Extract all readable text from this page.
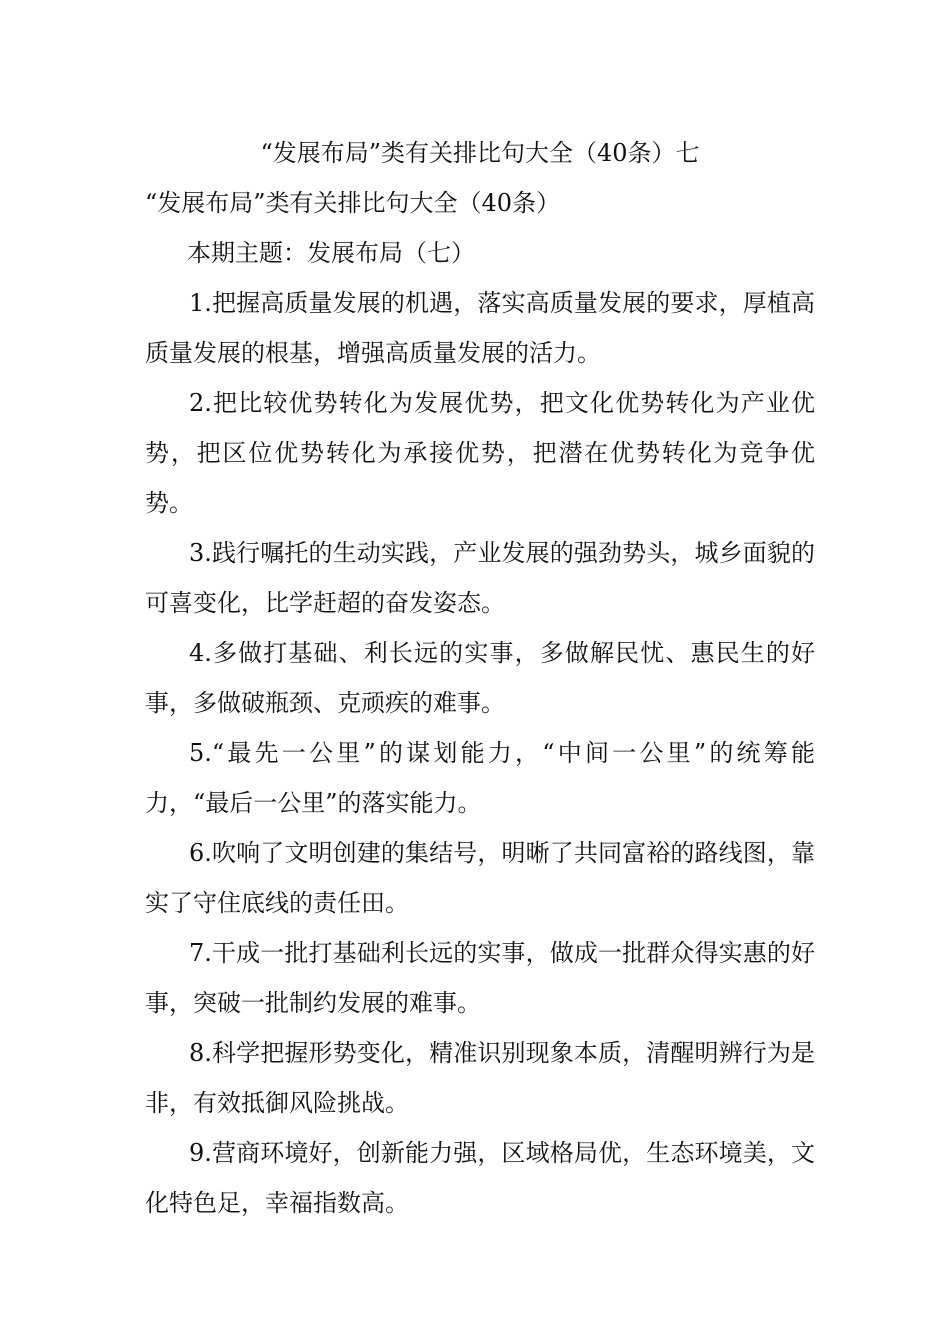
“发展布局”类有关排比句大全（40条）七
“发展布局”类有关排比句大全（40条）
本期主题：发展布局（七）
1.把握高质量发展的机遇，落实高质量发展的要求，厚植高质量发展的根基，增强高质量发展的活力。
2.把比较优势转化为发展优势，把文化优势转化为产业优势，把区位优势转化为承接优势，把潜在优势转化为竞争优势。
3.践行嘱托的生动实践，产业发展的强劲势头，城乡面貌的可喜变化，比学赶超的奋发姿态。
4.多做打基础、利长远的实事，多做解民忧、惠民生的好事，多做破瓶颈、克顽疾的难事。
5.“最先一公里”的谋划能力，“中间一公里”的统筹能力，“最后一公里”的落实能力。
6.吹响了文明创建的集结号，明晰了共同富裕的路线图，靠实了守住底线的责任田。
7.干成一批打基础利长远的实事，做成一批群众得实惠的好事，突破一批制约发展的难事。
8.科学把握形势变化，精准识别现象本质，清醒明辨行为是非，有效抵御风险挑战。
9.营商环境好，创新能力强，区域格局优，生态环境美，文化特色足，幸福指数高。
